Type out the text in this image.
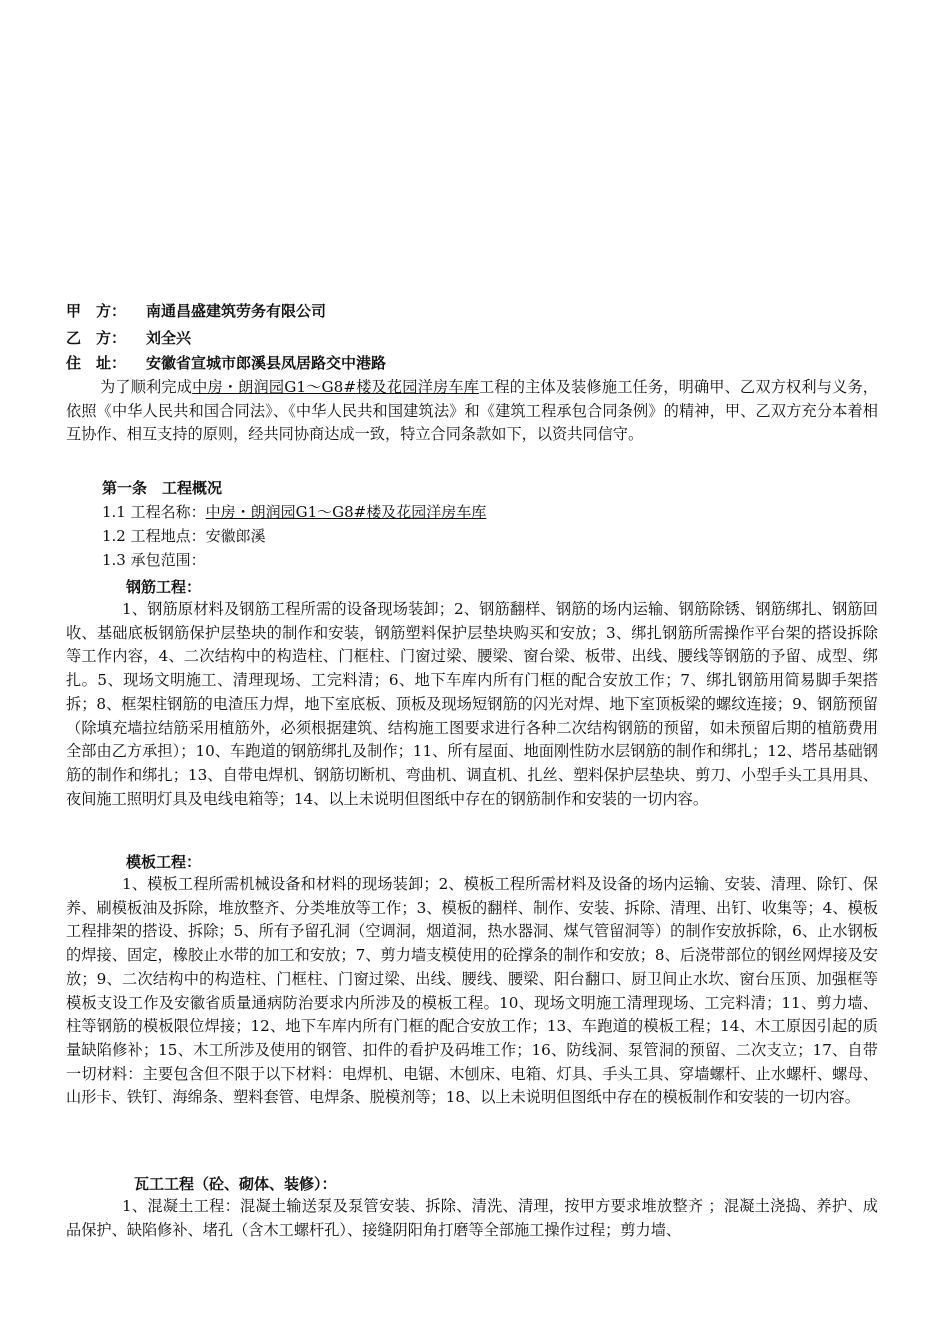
甲　方： 南通昌盛建筑劳务有限公司
乙　方： 刘全兴
住　址： 安徽省宣城市郎溪县凤居路交中港路
为了顺利完成中房・朗润园G1～G8#楼及花园洋房车库工程的主体及装修施工任务，明确甲、乙双方权利与义务，依照《中华人民共和国合同法》、《中华人民共和国建筑法》和《建筑工程承包合同条例》的精神，甲、乙双方充分本着相互协作、相互支持的原则，经共同协商达成一致，特立合同条款如下，以资共同信守。
第一条　工程概况
1.1 工程名称：中房・朗润园G1～G8#楼及花园洋房车库
1.2 工程地点：安徽郎溪
1.3 承包范围：
钢筋工程：
1、钢筋原材料及钢筋工程所需的设备现场装卸；2、钢筋翻样、钢筋的场内运输、钢筋除锈、钢筋绑扎、钢筋回收、基础底板钢筋保护层垫块的制作和安装，钢筋塑料保护层垫块购买和安放；3、绑扎钢筋所需操作平台架的搭设拆除等工作内容，4、二次结构中的构造柱、门框柱、门窗过梁、腰梁、窗台梁、板带、出线、腰线等钢筋的予留、成型、绑扎。5、现场文明施工、清理现场、工完料清；6、地下车库内所有门框的配合安放工作；7、绑扎钢筋用简易脚手架搭拆；8、框架柱钢筋的电渣压力焊，地下室底板、顶板及现场短钢筋的闪光对焊、地下室顶板梁的螺纹连接；9、钢筋预留（除填充墙拉结筋采用植筋外，必须根据建筑、结构施工图要求进行各种二次结构钢筋的预留，如未预留后期的植筋费用全部由乙方承担）；10、车跑道的钢筋绑扎及制作；11、所有屋面、地面刚性防水层钢筋的制作和绑扎；12、塔吊基础钢筋的制作和绑扎；13、自带电焊机、钢筋切断机、弯曲机、调直机、扎丝、塑料保护层垫块、剪刀、小型手头工具用具、夜间施工照明灯具及电线电箱等；14、以上未说明但图纸中存在的钢筋制作和安装的一切内容。
模板工程：
1、模板工程所需机械设备和材料的现场装卸；2、模板工程所需材料及设备的场内运输、安装、清理、除钉、保养、刷模板油及拆除，堆放整齐、分类堆放等工作；3、模板的翻样、制作、安装、拆除、清理、出钉、收集等；4、模板工程排架的搭设、拆除；5、所有予留孔洞（空调洞，烟道洞，热水器洞、煤气管留洞等）的制作安放拆除，6、止水钢板的焊接、固定，橡胶止水带的加工和安放；7、剪力墙支模使用的砼撑条的制作和安放；8、后浇带部位的钢丝网焊接及安放；9、二次结构中的构造柱、门框柱、门窗过梁、出线、腰线、腰梁、阳台翻口、厨卫间止水坎、窗台压顶、加强框等模板支设工作及安徽省质量通病防治要求内所涉及的模板工程。10、现场文明施工清理现场、工完料清；11、剪力墙、柱等钢筋的模板限位焊接；12、地下车库内所有门框的配合安放工作；13、车跑道的模板工程；14、木工原因引起的质量缺陷修补；15、木工所涉及使用的钢管、扣件的看护及码堆工作；16、防线洞、泵管洞的预留、二次支立；17、自带一切材料：主要包含但不限于以下材料：电焊机、电锯、木刨床、电箱、灯具、手头工具、穿墙螺杆、止水螺杆、螺母、山形卡、铁钉、海绵条、塑料套管、电焊条、脱模剂等；18、以上未说明但图纸中存在的模板制作和安装的一切内容。
瓦工工程（砼、砌体、装修）：
1、混凝土工程：混凝土输送泵及泵管安装、拆除、清洗、清理，按甲方要求堆放整齐 ；混凝土浇捣、养护、成品保护、缺陷修补、堵孔（含木工螺杆孔）、接缝阴阳角打磨等全部施工操作过程；剪力墙、
